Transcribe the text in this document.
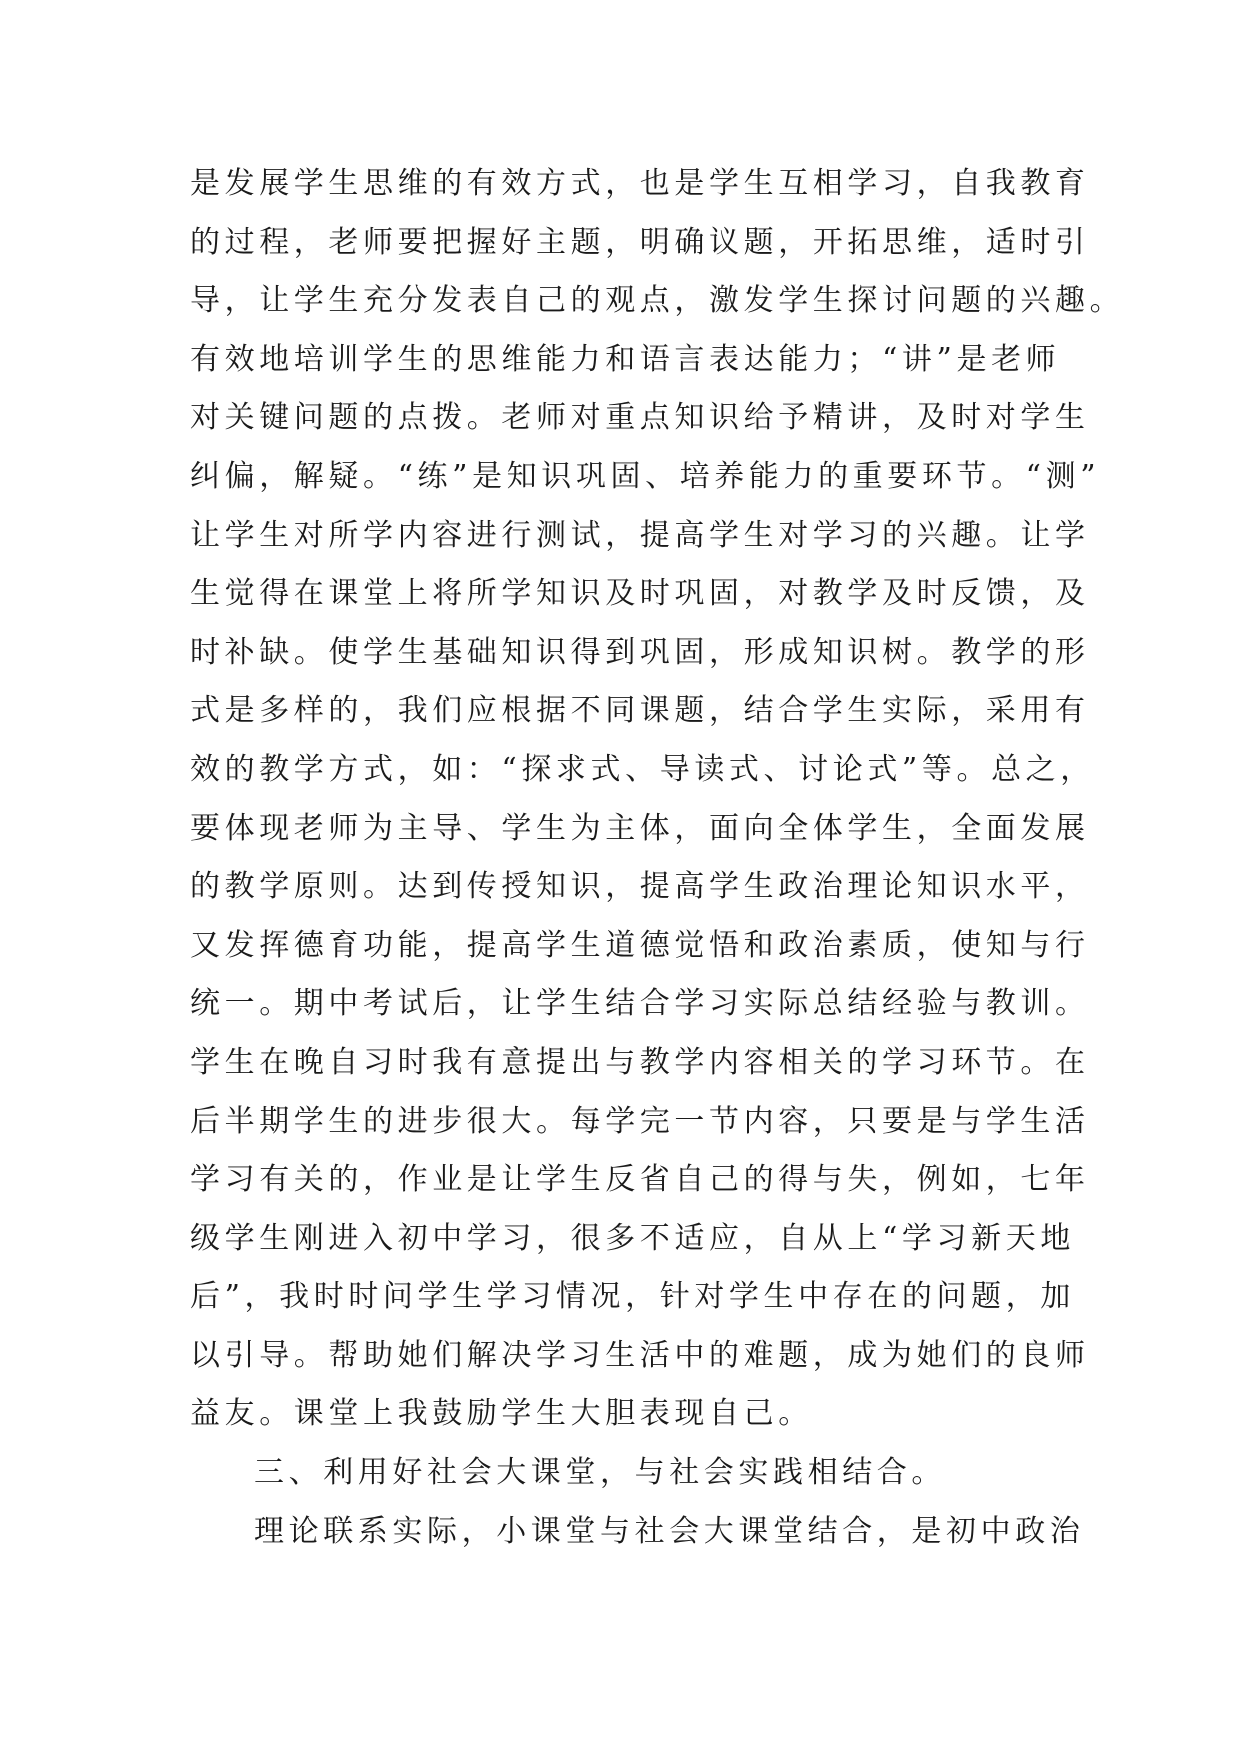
是发展学生思维的有效方式，也是学生互相学习，自我教育
的过程，老师要把握好主题，明确议题，开拓思维，适时引
导，让学生充分发表自己的观点，激发学生探讨问题的兴趣。
有效地培训学生的思维能力和语言表达能力；“讲”是老师
对关键问题的点拨。老师对重点知识给予精讲，及时对学生
纠偏，解疑。“练”是知识巩固、培养能力的重要环节。“测”
让学生对所学内容进行测试，提高学生对学习的兴趣。让学
生觉得在课堂上将所学知识及时巩固，对教学及时反馈，及
时补缺。使学生基础知识得到巩固，形成知识树。教学的形
式是多样的，我们应根据不同课题，结合学生实际，采用有
效的教学方式，如：“探求式、导读式、讨论式”等。总之，
要体现老师为主导、学生为主体，面向全体学生，全面发展
的教学原则。达到传授知识，提高学生政治理论知识水平，
又发挥德育功能，提高学生道德觉悟和政治素质，使知与行
统一。期中考试后，让学生结合学习实际总结经验与教训。
学生在晚自习时我有意提出与教学内容相关的学习环节。在
后半期学生的进步很大。每学完一节内容，只要是与学生活
学习有关的，作业是让学生反省自己的得与失，例如，七年
级学生刚进入初中学习，很多不适应，自从上“学习新天地
后”，我时时问学生学习情况，针对学生中存在的问题，加
以引导。帮助她们解决学习生活中的难题，成为她们的良师
益友。课堂上我鼓励学生大胆表现自己。
三、利用好社会大课堂，与社会实践相结合。
理论联系实际，小课堂与社会大课堂结合，是初中政治
